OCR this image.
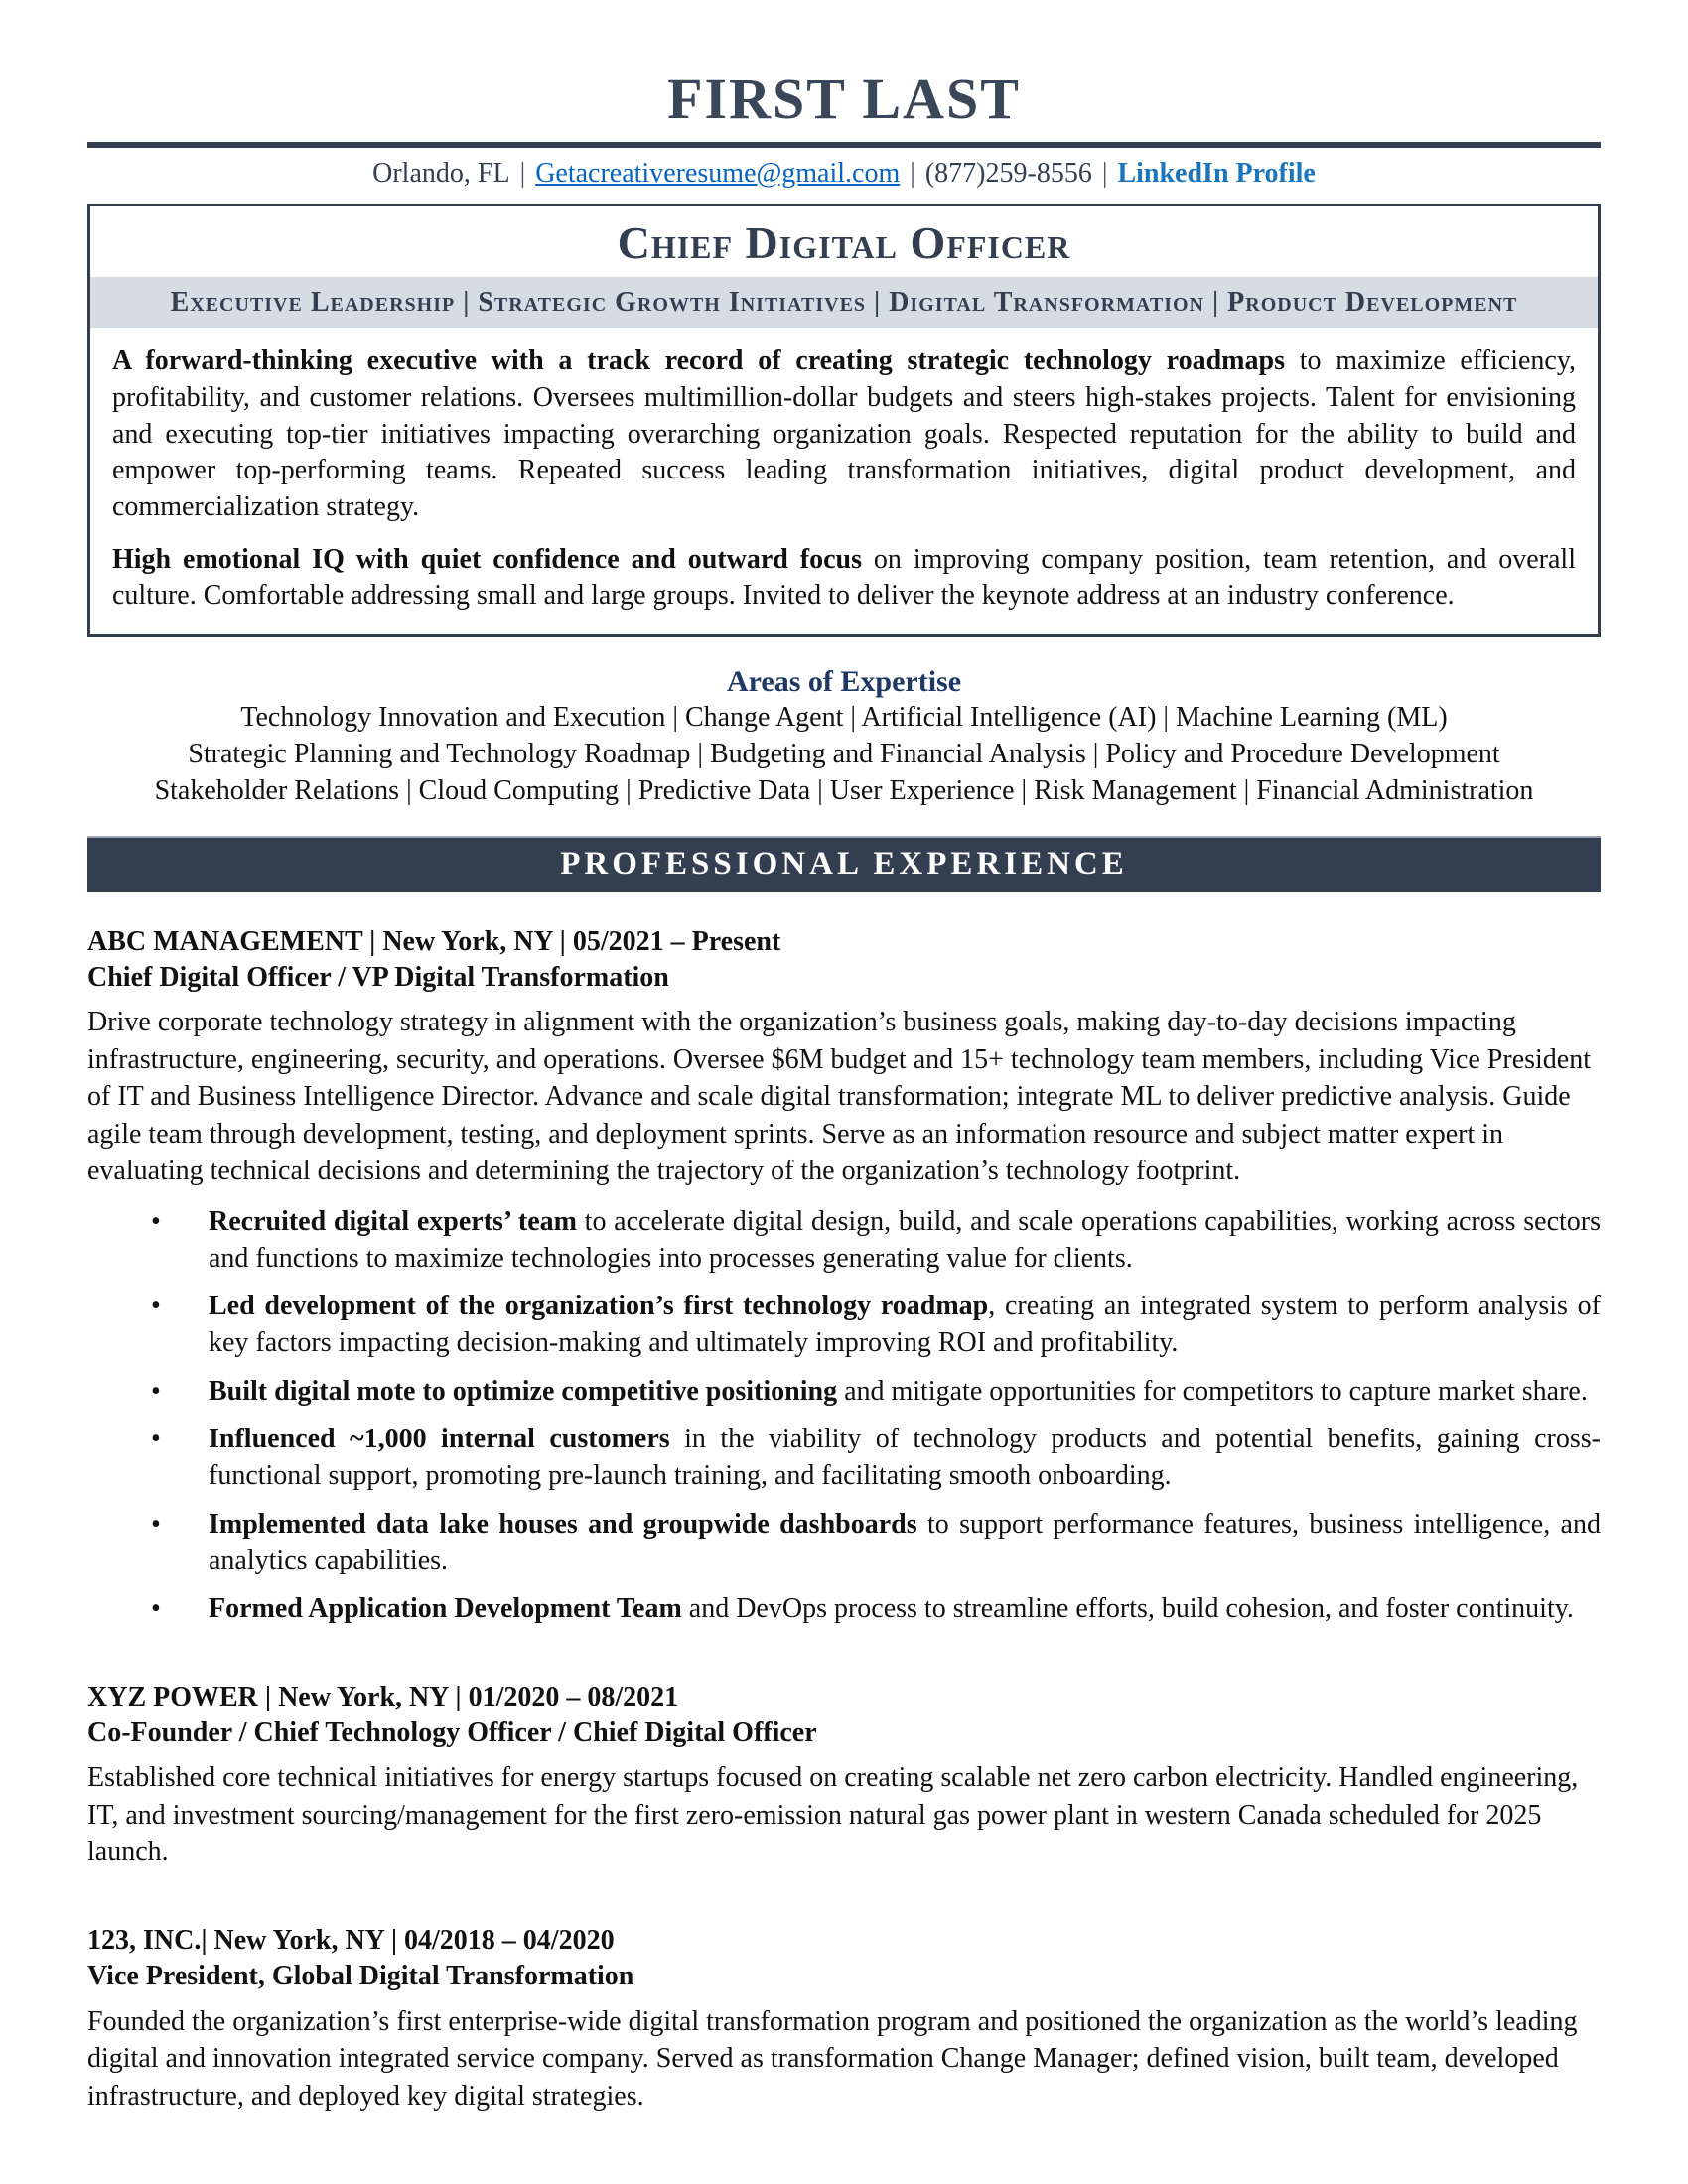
FIRST LAST
Orlando, FL | Getacreativeresume@gmail.com | (877)259-8556 | LinkedIn Profile
Chief Digital Officer
Executive Leadership | Strategic Growth Initiatives | Digital Transformation | Product Development

A forward-thinking executive with a track record of creating strategic technology roadmaps to maximize efficiency, profitability, and customer relations. Oversees multimillion-dollar budgets and steers high-stakes projects. Talent for envisioning and executing top-tier initiatives impacting overarching organization goals. Respected reputation for the ability to build and empower top-performing teams. Repeated success leading transformation initiatives, digital product development, and commercialization strategy.

High emotional IQ with quiet confidence and outward focus on improving company position, team retention, and overall culture. Comfortable addressing small and large groups. Invited to deliver the keynote address at an industry conference.

Areas of Expertise
Technology Innovation and Execution | Change Agent | Artificial Intelligence (AI) | Machine Learning (ML)
Strategic Planning and Technology Roadmap | Budgeting and Financial Analysis | Policy and Procedure Development
Stakeholder Relations | Cloud Computing | Predictive Data | User Experience | Risk Management | Financial Administration
PROFESSIONAL EXPERIENCE
ABC MANAGEMENT | New York, NY | 05/2021 – Present
Chief Digital Officer / VP Digital Transformation
Drive corporate technology strategy in alignment with the organization’s business goals, making day-to-day decisions impacting infrastructure, engineering, security, and operations. Oversee $6M budget and 15+ technology team members, including Vice President of IT and Business Intelligence Director. Advance and scale digital transformation; integrate ML to deliver predictive analysis. Guide agile team through development, testing, and deployment sprints. Serve as an information resource and subject matter expert in evaluating technical decisions and determining the trajectory of the organization’s technology footprint.
•	Recruited digital experts’ team to accelerate digital design, build, and scale operations capabilities, working across sectors and functions to maximize technologies into processes generating value for clients.
•	Led development of the organization’s first technology roadmap, creating an integrated system to perform analysis of key factors impacting decision-making and ultimately improving ROI and profitability.
•	Built digital mote to optimize competitive positioning and mitigate opportunities for competitors to capture market share.
•	Influenced ~1,000 internal customers in the viability of technology products and potential benefits, gaining cross-functional support, promoting pre-launch training, and facilitating smooth onboarding.
•	Implemented data lake houses and groupwide dashboards to support performance features, business intelligence, and analytics capabilities.
•	Formed Application Development Team and DevOps process to streamline efforts, build cohesion, and foster continuity.
XYZ POWER | New York, NY | 01/2020 – 08/2021
Co-Founder / Chief Technology Officer / Chief Digital Officer
Established core technical initiatives for energy startups focused on creating scalable net zero carbon electricity. Handled engineering, IT, and investment sourcing/management for the first zero-emission natural gas power plant in western Canada scheduled for 2025 launch.
123, INC.| New York, NY | 04/2018 – 04/2020
Vice President, Global Digital Transformation
Founded the organization’s first enterprise-wide digital transformation program and positioned the organization as the world’s leading digital and innovation integrated service company. Served as transformation Change Manager; defined vision, built team, developed infrastructure, and deployed key digital strategies.
